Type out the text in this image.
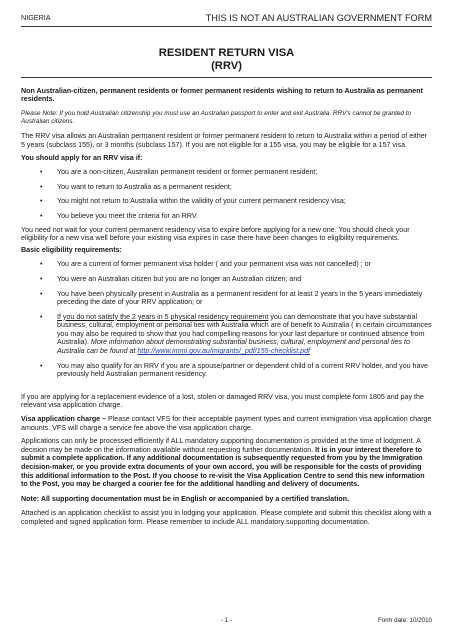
NIGERIA	THIS IS NOT AN AUSTRALIAN GOVERNMENT FORM
RESIDENT RETURN VISA
(RRV)

Non Australian-citizen, permanent residents or former permanent residents wishing to return to Australia as permanent residents.

Please Note: If you hold Australian citizenship you must use an Australian passport to enter and exit Australia. RRV's cannot be granted to Australian citizens.

The RRV visa allows an Australian permanent resident or former permanent resident to return to Australia within a period of either 5 years (subclass 155), or 3 months (subclass 157). If you are not eligible for a 155 visa, you may be eligible for a 157 visa.

You should apply for an RRV visa if:

• You are a non-citizen, Australian permanent resident or former permanent resident;
• You want to return to Australia as a permanent resident;
• You might not return to Australia within the validity of your current permanent residency visa;
• You believe you meet the criteria for an RRV.

You need not wait for your current permanent residency visa to expire before applying for a new one. You should check your eligibility for a new visa well before your existing visa expires in case there have been changes to eligibility requirements.

Basic eligibility requirements:

• You are a current of former permanent visa holder ( and your permanent visa was not cancelled) ; or
• You were an Australian citizen but you are no longer an Australian citizen; and
• You have been physically present in Australia as a permanent resident for at least 2 years in the 5 years immediately preceding the date of your RRV application; or
• If you do not satisfy the 2 years in 5 physical residency requirement you can demonstrate that you have substantial business, cultural, employment or personal ties with Australia which are of benefit to Australia ( in certain circumstances you may also be required to show that you had compelling reasons for your last departure or continued absence from Australia). More information about demonstrating substantial business, cultural, employment and personal ties to Australia can be found at http://www.immi.gov.au/migrants/_pdf/155-checklist.pdf
• You may also qualify for an RRV if you are a spouse/partner or dependent child of a current RRV holder, and you have previously held Australian permanent residency.

If you are applying for a replacement evidence of a lost, stolen or damaged RRV visa, you must complete form 1805 and pay the relevant visa application charge.

Visa application charge – Please contact VFS for their acceptable payment types and current immigration visa application charge amounts. VFS will charge a service fee above the visa application charge.

Applications can only be processed efficiently if ALL mandatory supporting documentation is provided at the time of lodgment. A decision may be made on the information available without requesting further documentation. It is in your interest therefore to submit a complete application. If any additional documentation is subsequently requested from you by the Immigration decision-maker, or you provide extra documents of your own accord, you will be responsible for the costs of providing this additional information to the Post. If you choose to re-visit the Visa Application Centre to send this new information to the Post, you may be charged a courier fee for the additional handling and delivery of documents.

Note: All supporting documentation must be in English or accompanied by a certified translation.

Attached is an application checklist to assist you in lodging your application. Please complete and submit this checklist along with a completed and signed application form. Please remember to include ALL mandatory supporting documentation.

- 1 -	Form date: 10/2010
